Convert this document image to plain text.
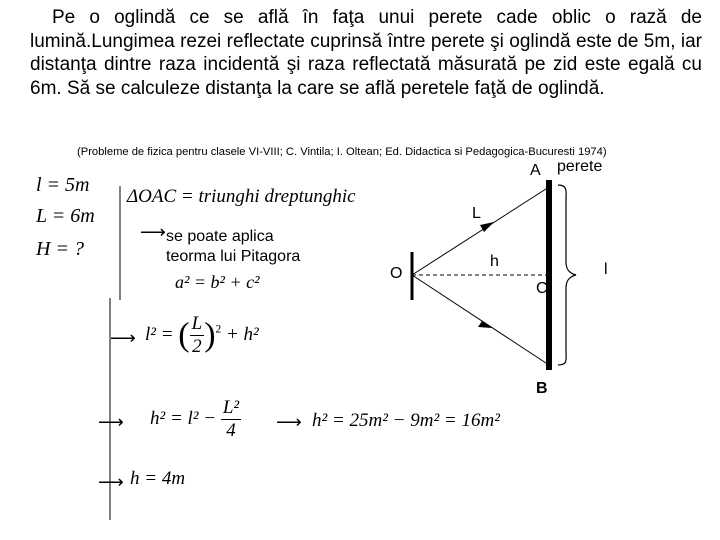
Pe o oglindă ce se află în faţa unui perete cade oblic o rază de lumină.Lungimea rezei reflectate cuprinsă între perete şi oglindă este de 5m, iar distanţa dintre raza incidentă şi raza reflectată măsurată pe zid este egală cu 6m. Să se calculeze distanţa la care se află peretele faţă de oglindă.
(Probleme de fizica pentru clasele VI-VIII; C. Vintila; I. Oltean; Ed. Didactica si Pedagogica-Bucuresti 1974)
l = 5m
L = 6m
H = ?
ΔOAC = triunghi dreptunghic
⟶ se poate aplica
teorma lui Pitagora
a² = b² + c²
⟶ l² = ( $\frac{L}{2} )^2 + h^2$
⟶ $h^2 = l^2 - \frac{\text{L²}}{4}$ ⟶ h² = 25m² − 9m² = 16m²
⟶ h = 4m
A perete
L
O
h
C
B
l
